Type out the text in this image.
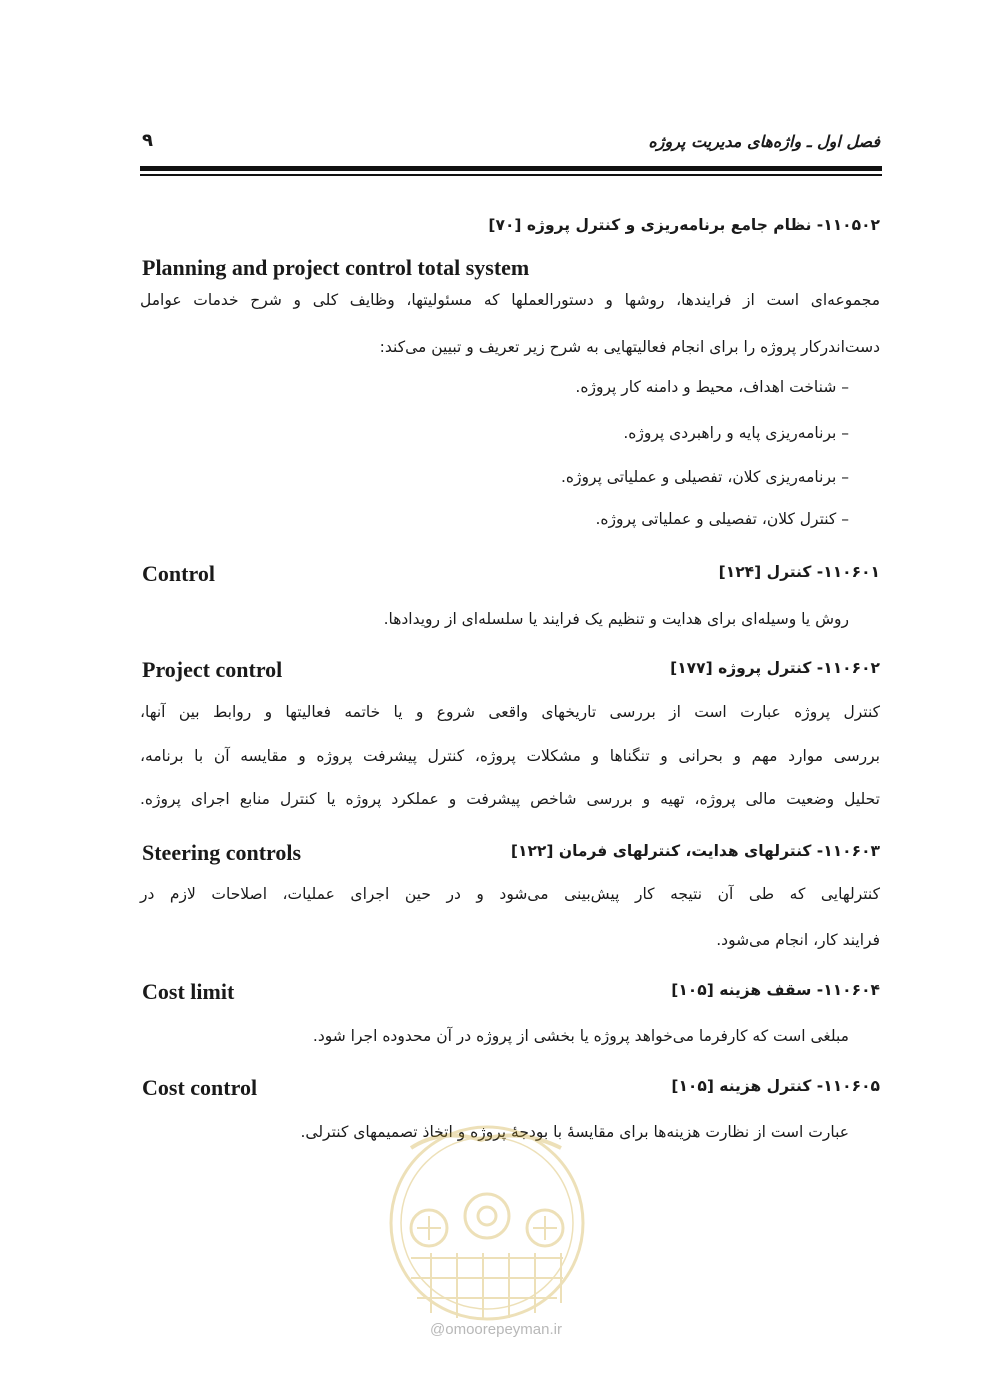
فصل اول ـ واژه‌های مدیریت پروژه
۹
۱۱۰۵۰۲- نظام جامع برنامه‌ریزی و کنترل پروژه [۷۰]
Planning and project control total system
مجموعه‌ای است از فرایندها، روشها و دستورالعملها که مسئولیتها، وظایف کلی و شرح خدمات عوامل
دست‌اندرکار پروژه را برای انجام فعالیتهایی به شرح زیر تعریف و تبیین می‌کند:
– شناخت اهداف، محیط و دامنه کار پروژه.
– برنامه‌ریزی پایه و راهبردی پروژه.
– برنامه‌ریزی کلان، تفصیلی و عملیاتی پروژه.
– کنترل کلان، تفصیلی و عملیاتی پروژه.
۱۱۰۶۰۱- کنترل [۱۲۴]
Control
روش یا وسیله‌ای برای هدایت و تنظیم یک فرایند یا سلسله‌ای از رویدادها.
۱۱۰۶۰۲- کنترل پروژه [۱۷۷]
Project control
کنترل پروژه عبارت است از بررسی تاریخهای واقعی شروع و یا خاتمه فعالیتها و روابط بین آنها،
بررسی موارد مهم و بحرانی و تنگناها و مشکلات پروژه، کنترل پیشرفت پروژه و مقایسه آن با برنامه،
تحلیل وضعیت مالی پروژه، تهیه و بررسی شاخص پیشرفت و عملکرد پروژه یا کنترل منابع اجرای پروژه.
۱۱۰۶۰۳- کنترلهای هدایت، کنترلهای فرمان [۱۲۲]
Steering controls
کنترلهایی که طی آن نتیجه کار پیش‌بینی می‌شود و در حین اجرای عملیات، اصلاحات لازم در
فرایند کار، انجام می‌شود.
۱۱۰۶۰۴- سقف هزینه [۱۰۵]
Cost limit
مبلغی است که کارفرما می‌خواهد پروژه یا بخشی از پروژه در آن محدوده اجرا شود.
۱۱۰۶۰۵- کنترل هزینه [۱۰۵]
Cost control
عبارت است از نظارت هزینه‌ها برای مقایسهٔ با بودجهٔ پروژه و اتخاذ تصمیمهای کنترلی.
@omoorepeyman.ir
